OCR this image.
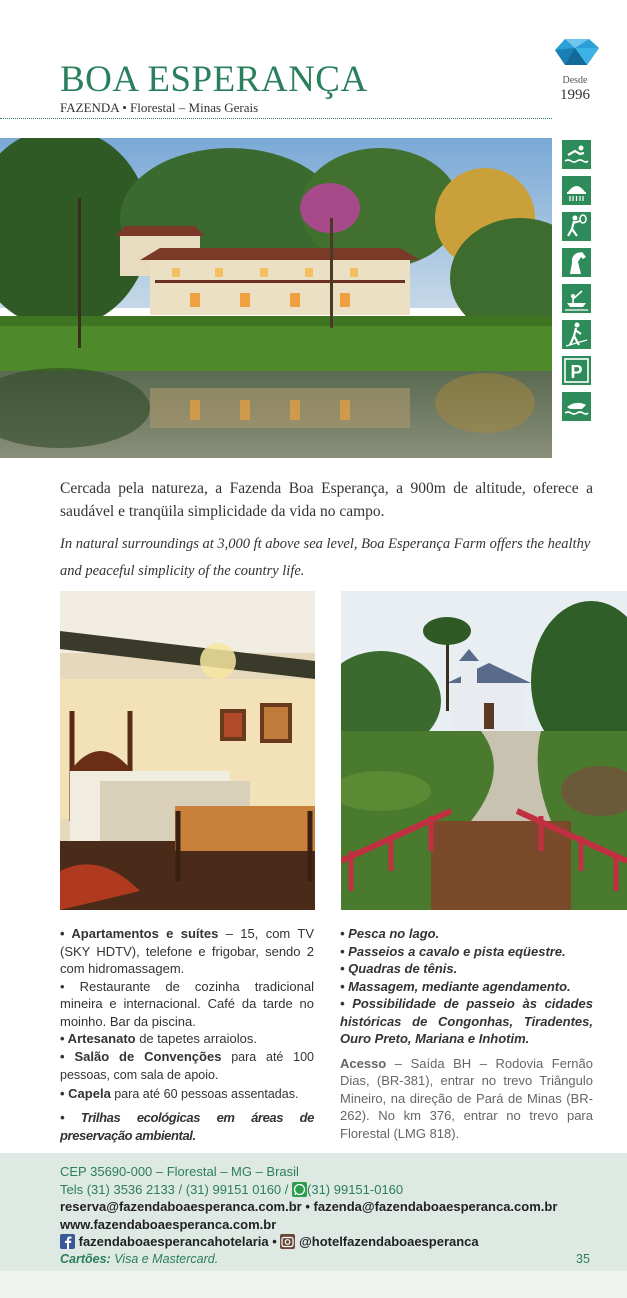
BOA ESPERANÇA
FAZENDA • Florestal – Minas Gerais
Desde
1996
P
Cercada pela natureza, a Fazenda Boa Esperança, a 900m de altitude, oferece a saudável e tranqüila simplicidade da vida no campo.
In natural surroundings at 3,000 ft above sea level, Boa Esperança Farm offers the healthy and peaceful simplicity of the country life.

• Apartamentos e suítes – 15, com TV (SKY HDTV), telefone e frigobar, sendo 2 com hidromassagem.

• Restaurante de cozinha tradicional mineira e internacional. Café da tarde no moinho. Bar da piscina.

• Artesanato de tapetes arraiolos.

• Salão de Convenções para até 100 pessoas, com sala de apoio.

• Capela para até 60 pessoas assentadas.

• Trilhas ecológicas em áreas de preservação ambiental.

• Pesca no lago.

• Passeios a cavalo e pista eqüestre.

• Quadras de tênis.

• Massagem, mediante agendamento.

• Possibilidade de passeio às cidades históricas de Congonhas, Tiradentes, Ouro Preto, Mariana e Inhotim.

Acesso – Saída BH – Rodovia Fernão Dias, (BR-381), entrar no trevo Triângulo Mineiro, na direção de Pará de Minas (BR-262). No km 376, entrar no trevo para Florestal (LMG 818).

CEP 35690-000 – Florestal – MG – Brasil
Tels (31) 3536 2133 / (31) 99151 0160 / (31) 99151-0160
reserva@fazendaboaesperanca.com.br • fazenda@fazendaboaesperanca.com.br
www.fazendaboaesperanca.com.br
fazendaboaesperancahotelaria •  @hotelfazendaboaesperanca
Cartões: Visa e Mastercard.	35
